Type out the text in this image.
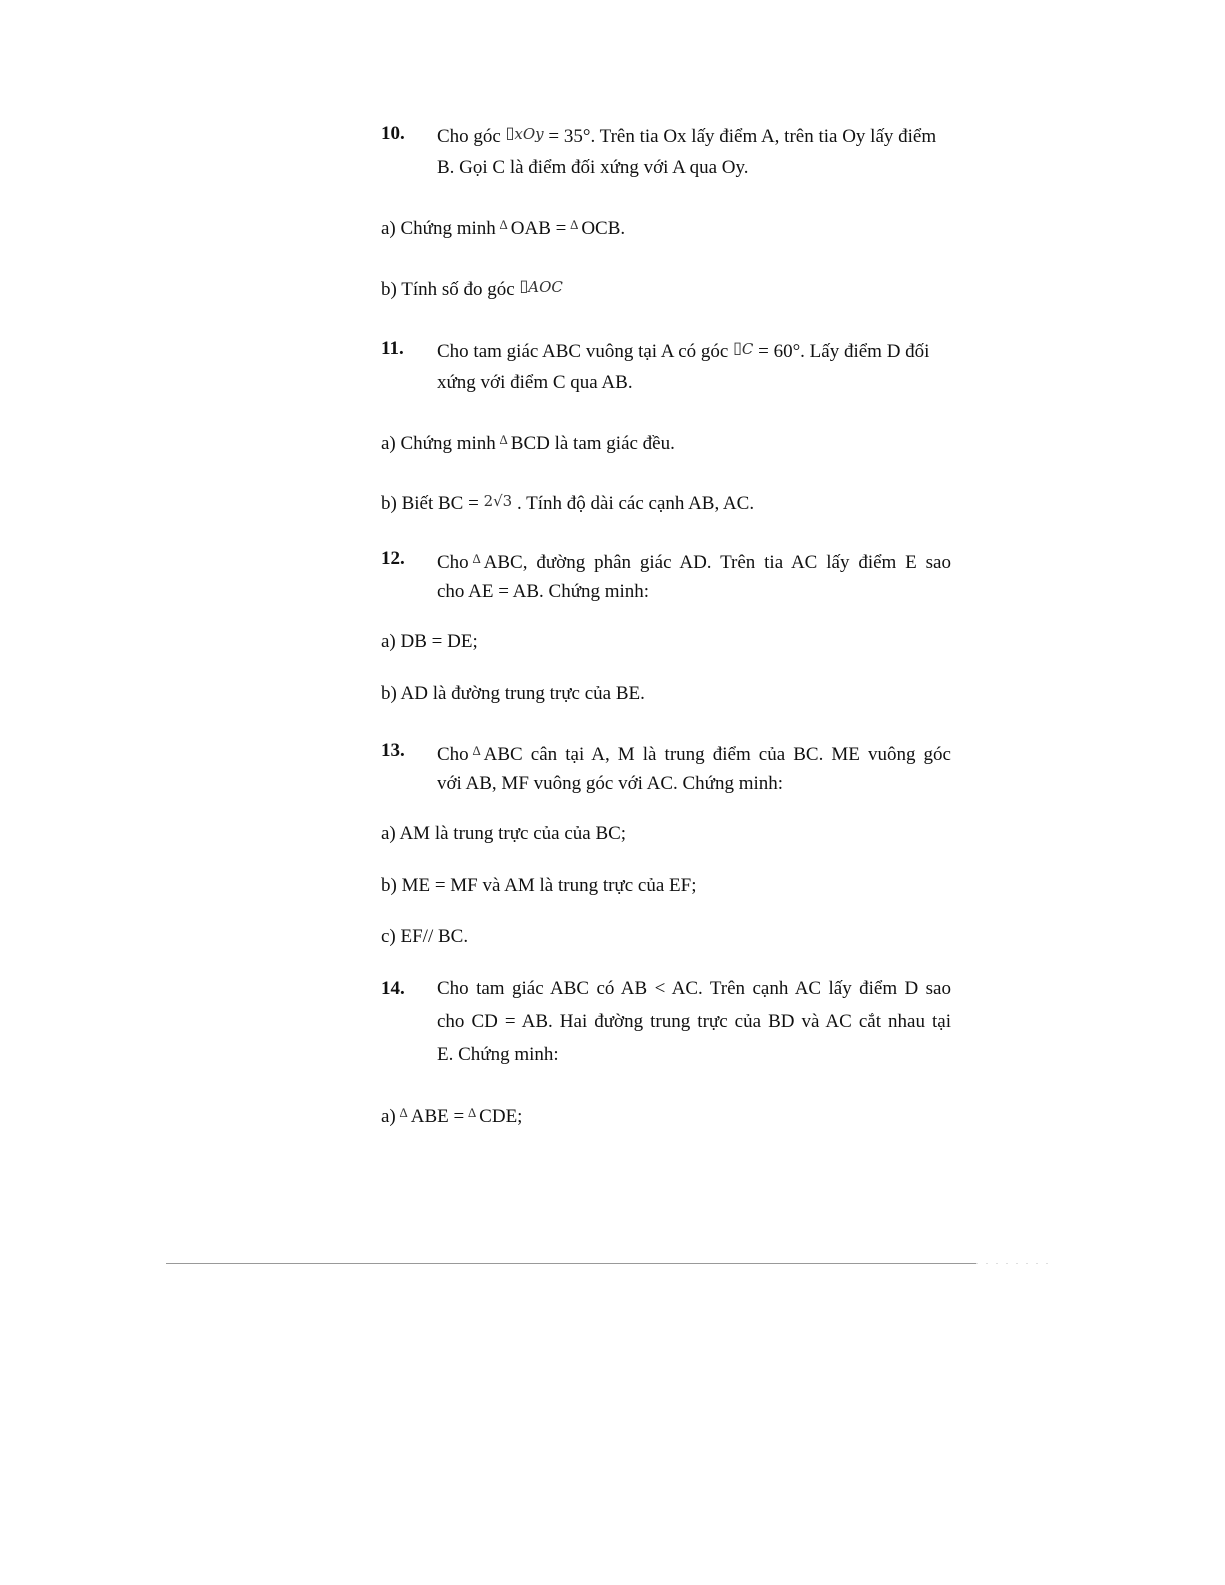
10. Cho góc ▯xOy = 35°. Trên tia Ox lấy điểm A, trên tia Oy lấy điểm
B. Gọi C là điểm đối xứng với A qua Oy.
a) Chứng minh ∆ OAB = ∆ OCB.
b) Tính số đo góc ▯AOC
11. Cho tam giác ABC vuông tại A có góc ▯C = 60°. Lấy điểm D đối
xứng với điểm C qua AB.
a) Chứng minh ∆ BCD là tam giác đều.
b) Biết BC = 2√3 . Tính độ dài các cạnh AB, AC.
12. Cho ∆ ABC, đường phân giác AD. Trên tia AC lấy điểm E sao
cho AE = AB. Chứng minh:
a) DB = DE;
b) AD là đường trung trực của BE.
13. Cho ∆ ABC cân tại A, M là trung điểm của BC. ME vuông góc
với AB, MF vuông góc với AC. Chứng minh:
a) AM là trung trực của của BC;
b) ME = MF và AM là trung trực của EF;
c) EF// BC.
14. Cho tam giác ABC có AB < AC. Trên cạnh AC lấy điểm D sao
cho CD = AB. Hai đường trung trực của BD và AC cắt nhau tại
E. Chứng minh:
a) ∆ ABE = ∆ CDE;
. . . . . . . .
